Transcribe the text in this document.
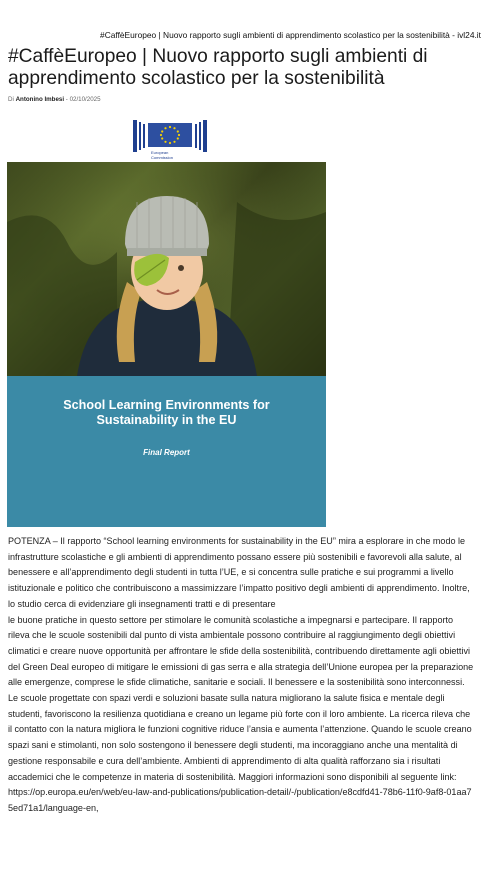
#CaffèEuropeo | Nuovo rapporto sugli ambienti di apprendimento scolastico per la sostenibilità - ivl24.it
#CaffèEuropeo | Nuovo rapporto sugli ambienti di apprendimento scolastico per la sostenibilità
Di Antonino Imbesi - 02/10/2025
European
Commission
School Learning Environments for
Sustainability in the EU
Final Report

POTENZA – Il rapporto “School learning environments for sustainability in the EU” mira a esplorare in che modo le infrastrutture scolastiche e gli ambienti di apprendimento possano essere più sostenibili e favorevoli alla salute, al benessere e all’apprendimento degli studenti in tutta l’UE, e si concentra sulle pratiche e sui programmi a livello istituzionale e politico che contribuiscono a massimizzare l’impatto positivo degli ambienti di apprendimento. Inoltre, lo studio cerca di evidenziare gli insegnamenti tratti e di presentare

le buone pratiche in questo settore per stimolare le comunità scolastiche a impegnarsi e partecipare. Il rapporto rileva che le scuole sostenibili dal punto di vista ambientale possono contribuire al raggiungimento degli obiettivi climatici e creare nuove opportunità per affrontare le sfide della sostenibilità, contribuendo direttamente agli obiettivi del Green Deal europeo di mitigare le emissioni di gas serra e alla strategia dell’Unione europea per la preparazione alle emergenze, comprese le sfide climatiche, sanitarie e sociali. Il benessere e la sostenibilità sono interconnessi. Le scuole progettate con spazi verdi e soluzioni basate sulla natura migliorano la salute fisica e mentale degli studenti, favoriscono la resilienza quotidiana e creano un legame più forte con il loro ambiente. La ricerca rileva che il contatto con la natura migliora le funzioni cognitive riduce l’ansia e aumenta l’attenzione. Quando le scuole creano spazi sani e stimolanti, non solo sostengono il benessere degli studenti, ma incoraggiano anche una mentalità di gestione responsabile e cura dell’ambiente. Ambienti di apprendimento di alta qualità rafforzano sia i risultati accademici che le competenze in materia di sostenibilità. Maggiori informazioni sono disponibili al seguente link:

https://op.europa.eu/en/web/eu-law-and-publications/publication-detail/-/publication/e8cdfd41-78b6-11f0-9af8-01aa75ed71a1/language-en,
